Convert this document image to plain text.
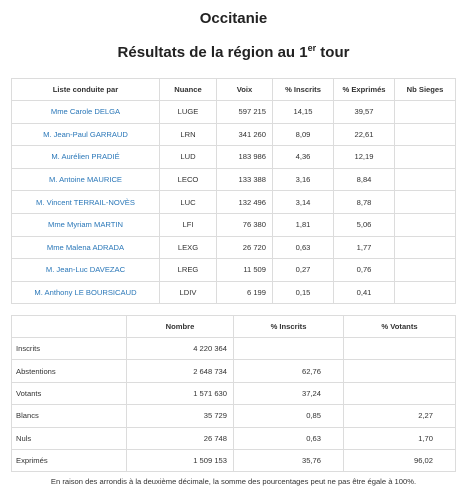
Occitanie
Résultats de la région au 1er tour
Liste conduite par	Nuance	Voix	% Inscrits	% Exprimés	Nb Sieges
Mme Carole DELGA	LUGE	597 215	14,15	39,57	
M. Jean-Paul GARRAUD	LRN	341 260	8,09	22,61	
M. Aurélien PRADIÉ	LUD	183 986	4,36	12,19	
M. Antoine MAURICE	LECO	133 388	3,16	8,84	
M. Vincent TERRAIL-NOVÈS	LUC	132 496	3,14	8,78	
Mme Myriam MARTIN	LFI	76 380	1,81	5,06	
Mme Malena ADRADA	LEXG	26 720	0,63	1,77	
M. Jean-Luc DAVEZAC	LREG	11 509	0,27	0,76	
M. Anthony LE BOURSICAUD	LDIV	6 199	0,15	0,41	
	Nombre	% Inscrits	% Votants
Inscrits	4 220 364		
Abstentions	2 648 734	62,76	
Votants	1 571 630	37,24	
Blancs	35 729	0,85	2,27
Nuls	26 748	0,63	1,70
Exprimés	1 509 153	35,76	96,02
En raison des arrondis à la deuxième décimale, la somme des pourcentages peut ne pas être égale à 100%.
